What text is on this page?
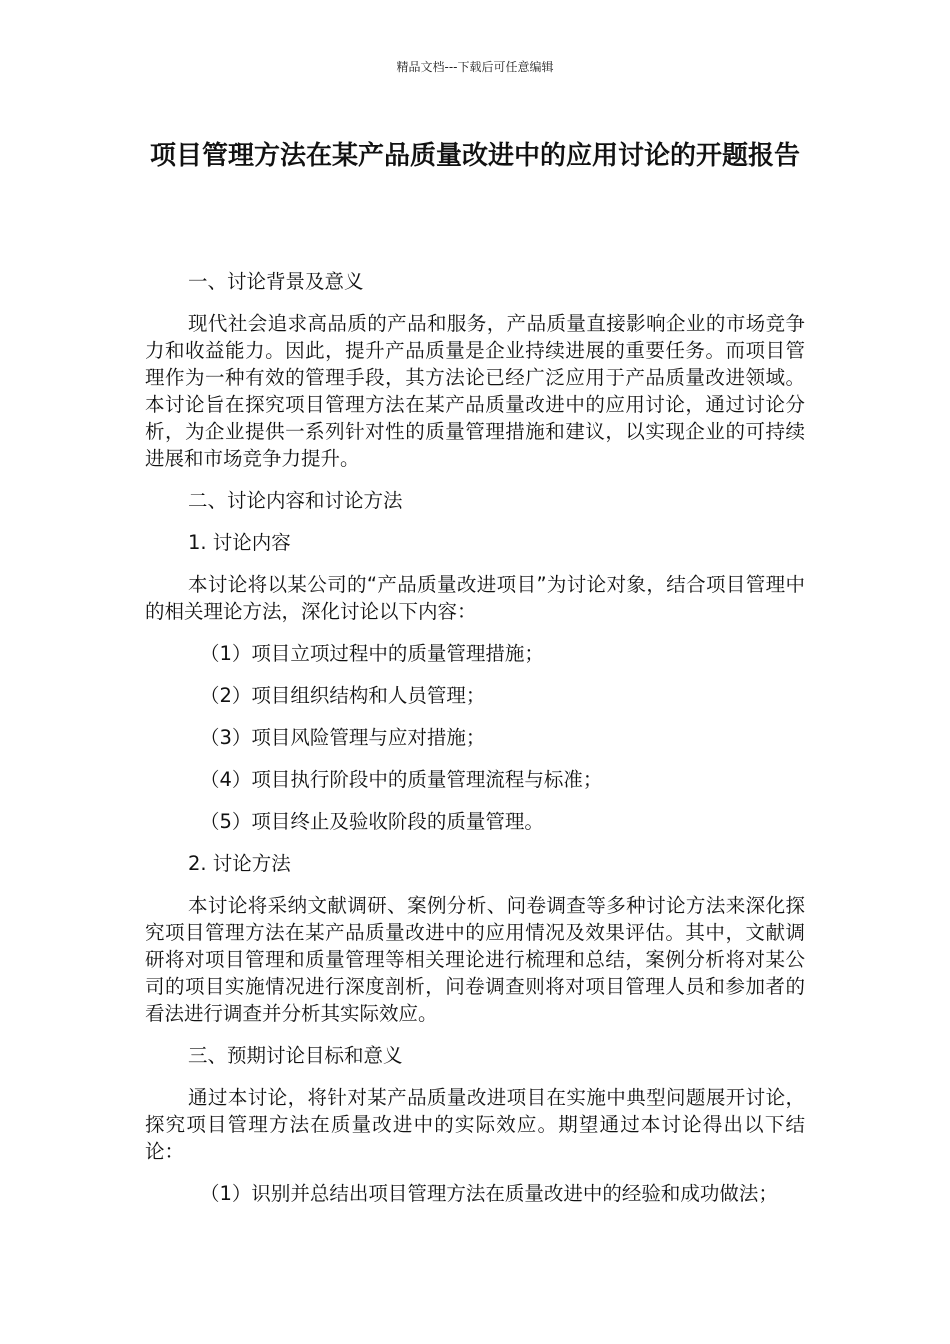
精品文档---下载后可任意编辑
项目管理方法在某产品质量改进中的应用讨论的开题报告

一、讨论背景及意义

现代社会追求高品质的产品和服务，产品质量直接影响企业的市场竞争力和收益能力。因此，提升产品质量是企业持续进展的重要任务。而项目管理作为一种有效的管理手段，其方法论已经广泛应用于产品质量改进领域。本讨论旨在探究项目管理方法在某产品质量改进中的应用讨论，通过讨论分析，为企业提供一系列针对性的质量管理措施和建议，以实现企业的可持续进展和市场竞争力提升。

二、讨论内容和讨论方法

1. 讨论内容

本讨论将以某公司的“产品质量改进项目”为讨论对象，结合项目管理中的相关理论方法，深化讨论以下内容：

（1）项目立项过程中的质量管理措施；

（2）项目组织结构和人员管理；

（3）项目风险管理与应对措施；

（4）项目执行阶段中的质量管理流程与标准；

（5）项目终止及验收阶段的质量管理。

2. 讨论方法

本讨论将采纳文献调研、案例分析、问卷调查等多种讨论方法来深化探究项目管理方法在某产品质量改进中的应用情况及效果评估。其中，文献调研将对项目管理和质量管理等相关理论进行梳理和总结，案例分析将对某公司的项目实施情况进行深度剖析，问卷调查则将对项目管理人员和参加者的看法进行调查并分析其实际效应。

三、预期讨论目标和意义

通过本讨论，将针对某产品质量改进项目在实施中典型问题展开讨论，探究项目管理方法在质量改进中的实际效应。期望通过本讨论得出以下结论：

（1）识别并总结出项目管理方法在质量改进中的经验和成功做法；
